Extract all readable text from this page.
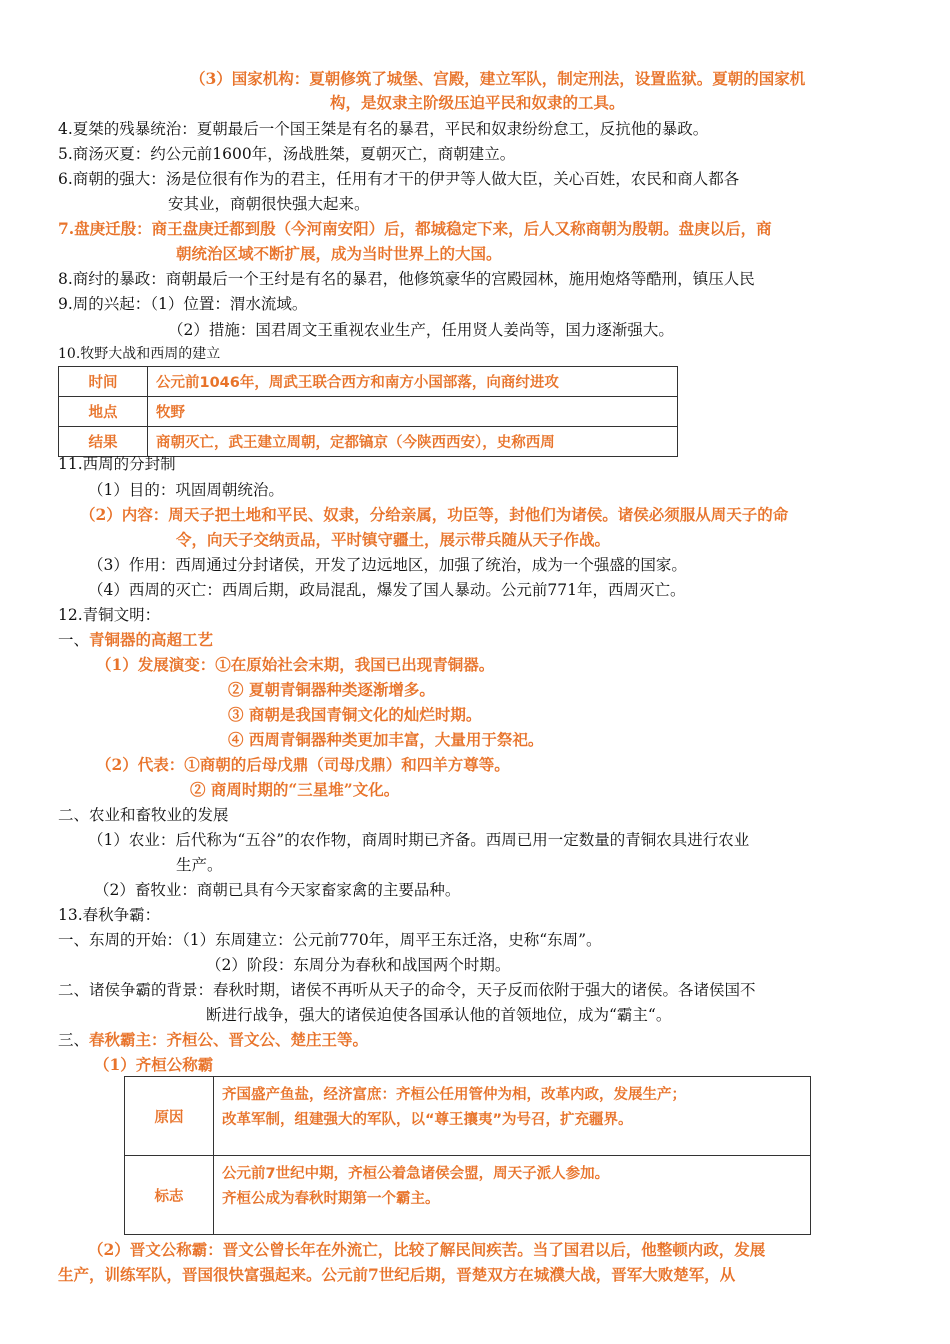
（3）国家机构：夏朝修筑了城堡、宫殿，建立军队，制定刑法，设置监狱。夏朝的国家机
构，是奴隶主阶级压迫平民和奴隶的工具。
4.夏桀的残暴统治：夏朝最后一个国王桀是有名的暴君，平民和奴隶纷纷怠工，反抗他的暴政。
5.商汤灭夏：约公元前1600年，汤战胜桀，夏朝灭亡，商朝建立。
6.商朝的强大：汤是位很有作为的君主，任用有才干的伊尹等人做大臣，关心百姓，农民和商人都各
安其业，商朝很快强大起来。
7.盘庚迁殷：商王盘庚迁都到殷（今河南安阳）后，都城稳定下来，后人又称商朝为殷朝。盘庚以后，商
朝统治区域不断扩展，成为当时世界上的大国。
8.商纣的暴政：商朝最后一个王纣是有名的暴君，他修筑豪华的宫殿园林，施用炮烙等酷刑，镇压人民
9.周的兴起：（1）位置：渭水流域。
（2）措施：国君周文王重视农业生产，任用贤人姜尚等，国力逐渐强大。
10.牧野大战和西周的建立
时间	公元前1046年，周武王联合西方和南方小国部落，向商纣进攻
地点	牧野
结果	商朝灭亡，武王建立周朝，定都镐京（今陕西西安），史称西周
11.西周的分封制
（1）目的：巩固周朝统治。
（2）内容：周天子把土地和平民、奴隶，分给亲属，功臣等，封他们为诸侯。诸侯必须服从周天子的命
令，向天子交纳贡品，平时镇守疆土，展示带兵随从天子作战。
（3）作用：西周通过分封诸侯，开发了边远地区，加强了统治，成为一个强盛的国家。
（4）西周的灭亡：西周后期，政局混乱，爆发了国人暴动。公元前771年，西周灭亡。
12.青铜文明：
一、青铜器的高超工艺
（1）发展演变：①在原始社会末期，我国已出现青铜器。
② 夏朝青铜器种类逐渐增多。
③ 商朝是我国青铜文化的灿烂时期。
④ 西周青铜器种类更加丰富，大量用于祭祀。
（2）代表：①商朝的后母戊鼎（司母戊鼎）和四羊方尊等。
② 商周时期的“三星堆”文化。
二、农业和畜牧业的发展
（1）农业：后代称为“五谷”的农作物，商周时期已齐备。西周已用一定数量的青铜农具进行农业
生产。
（2）畜牧业：商朝已具有今天家畜家禽的主要品种。
13.春秋争霸：
一、东周的开始：（1）东周建立：公元前770年，周平王东迁洛，史称“东周”。
（2）阶段：东周分为春秋和战国两个时期。
二、诸侯争霸的背景：春秋时期，诸侯不再听从天子的命令，天子反而依附于强大的诸侯。各诸侯国不
断进行战争，强大的诸侯迫使各国承认他的首领地位，成为“霸主“。
三、春秋霸主：齐桓公、晋文公、楚庄王等。
（1）齐桓公称霸
原因	齐国盛产鱼盐，经济富庶：齐桓公任用管仲为相，改革内政，发展生产；
改革军制，组建强大的军队，以“尊王攘夷”为号召，扩充疆界。

标志	公元前7世纪中期，齐桓公着急诸侯会盟，周天子派人参加。
齐桓公成为春秋时期第一个霸主。
（2）晋文公称霸：晋文公曾长年在外流亡，比较了解民间疾苦。当了国君以后，他整顿内政，发展
生产，训练军队，晋国很快富强起来。公元前7世纪后期，晋楚双方在城濮大战，晋军大败楚军，从
